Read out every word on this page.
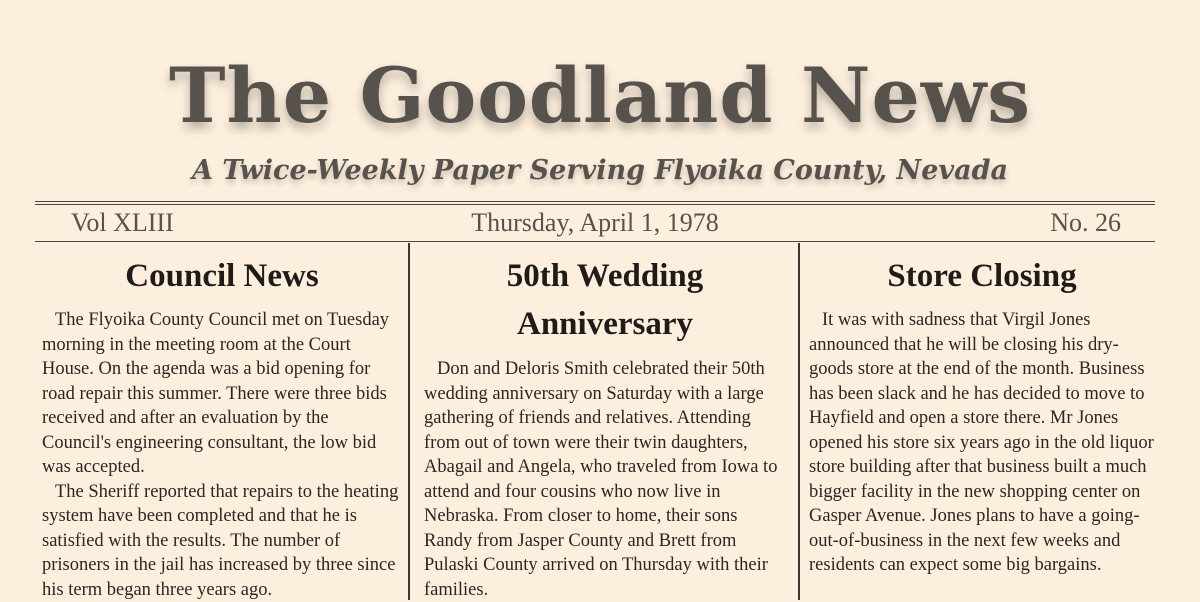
The Goodland News
A Twice-Weekly Paper Serving Flyoika County, Nevada
Thursday, April 1, 1978
Vol XLIII	No. 26
Council News

The Flyoika County Council met on Tuesday morning in the meeting room at the Court House. On the agenda was a bid opening for road repair this summer. There were three bids received and after an evaluation by the Council's engineering consultant, the low bid was accepted.

The Sheriff reported that repairs to the heating system have been completed and that he is satisfied with the results. The number of prisoners in the jail has increased by three since his term began three years ago.

50th Wedding Anniversary

Don and Deloris Smith celebrated their 50th wedding anniversary on Saturday with a large gathering of friends and relatives. Attending from out of town were their twin daughters, Abagail and Angela, who traveled from Iowa to attend and four cousins who now live in Nebraska. From closer to home, their sons Randy from Jasper County and Brett from Pulaski County arrived on Thursday with their families.

Store Closing

It was with sadness that Virgil Jones announced that he will be closing his dry-goods store at the end of the month. Business has been slack and he has decided to move to Hayfield and open a store there. Mr Jones opened his store six years ago in the old liquor store building after that business built a much bigger facility in the new shopping center on Gasper Avenue. Jones plans to have a going-out-of-business in the next few weeks and residents can expect some big bargains.
